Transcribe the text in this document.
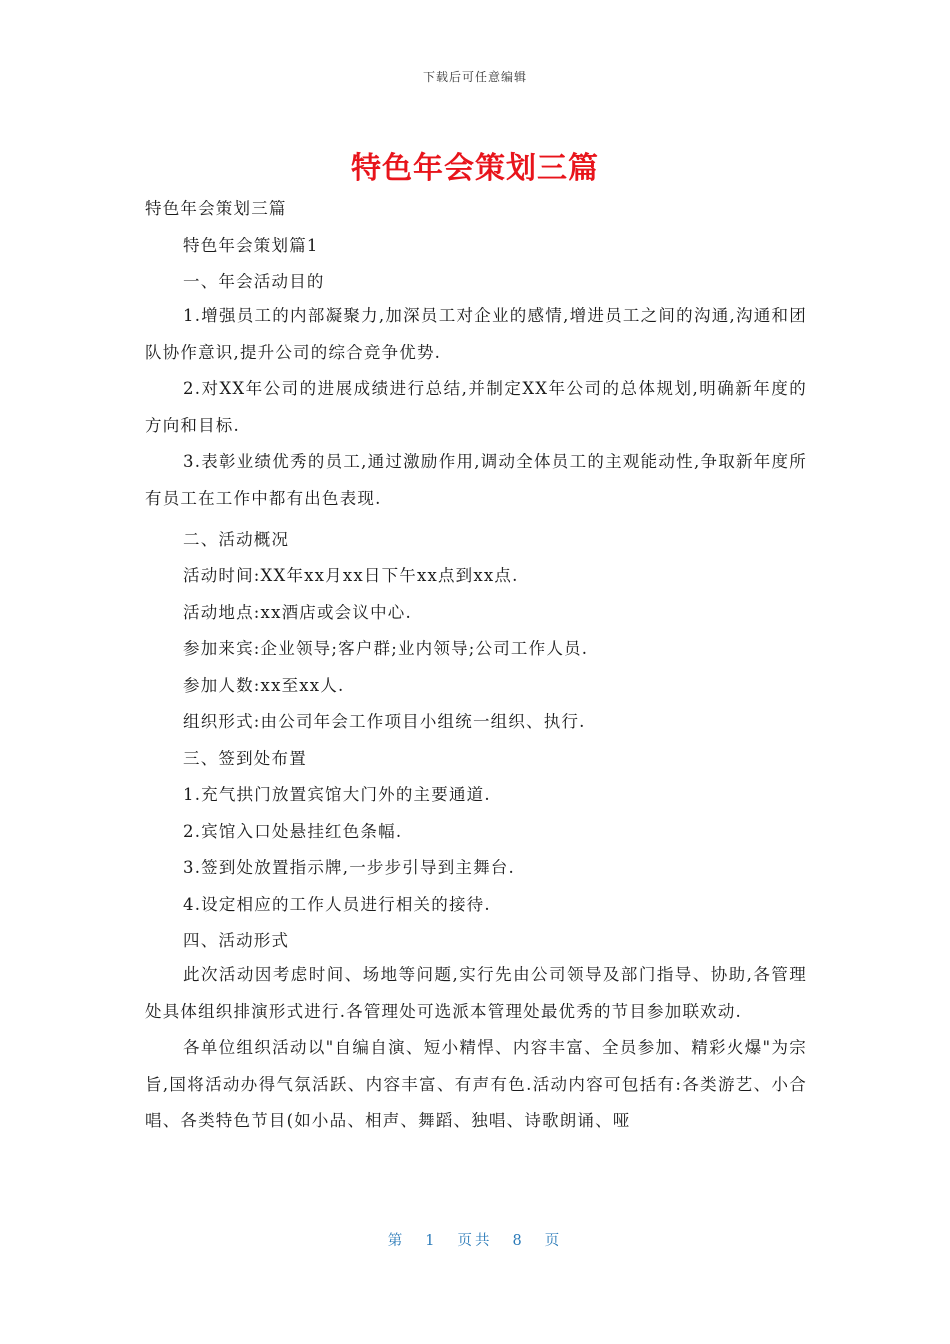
下载后可任意编辑
特色年会策划三篇
特色年会策划三篇
特色年会策划篇1
一、年会活动目的

1.增强员工的内部凝聚力,加深员工对企业的感情,增进员工之间的沟通,沟通和团队协作意识,提升公司的综合竞争优势.

2.对XX年公司的进展成绩进行总结,并制定XX年公司的总体规划,明确新年度的方向和目标.

3.表彰业绩优秀的员工,通过激励作用,调动全体员工的主观能动性,争取新年度所有员工在工作中都有出色表现.

二、活动概况
活动时间:XX年xx月xx日下午xx点到xx点.
活动地点:xx酒店或会议中心.
参加来宾:企业领导;客户群;业内领导;公司工作人员.
参加人数:xx至xx人.
组织形式:由公司年会工作项目小组统一组织、执行.
三、签到处布置
1.充气拱门放置宾馆大门外的主要通道.
2.宾馆入口处悬挂红色条幅.
3.签到处放置指示牌,一步步引导到主舞台.
4.设定相应的工作人员进行相关的接待.
四、活动形式

此次活动因考虑时间、场地等问题,实行先由公司领导及部门指导、协助,各管理处具体组织排演形式进行.各管理处可选派本管理处最优秀的节目参加联欢动.

各单位组织活动以"自编自演、短小精悍、内容丰富、全员参加、精彩火爆"为宗旨,国将活动办得气氛活跃、内容丰富、有声有色.活动内容可包括有:各类游艺、小合唱、各类特色节目(如小品、相声、舞蹈、独唱、诗歌朗诵、哑

第 1 页共 8 页
